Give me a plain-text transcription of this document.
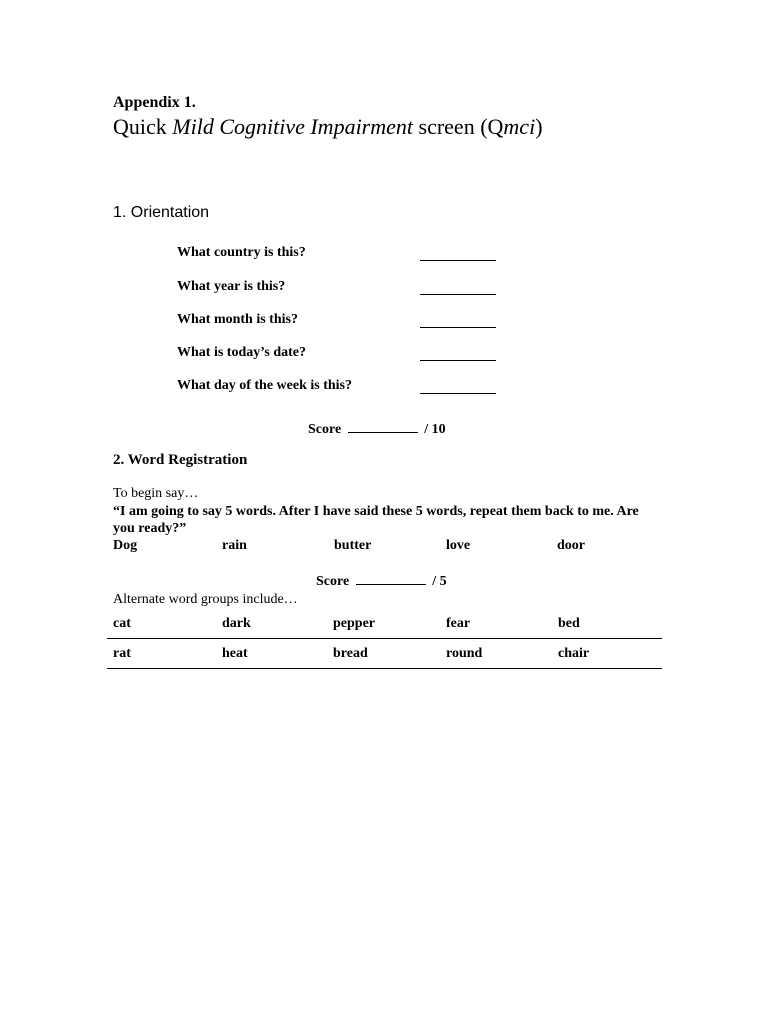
Appendix 1.
Quick Mild Cognitive Impairment screen (Qmci)
1. Orientation
What country is this?
What year is this?
What month is this?
What is today’s date?
What day of the week is this?
Score	/ 10
2. Word Registration
To begin say…
“I am going to say 5 words. After I have said these 5 words, repeat them back to me. Are you ready?”
Dog	rain	butter	love	door
Score	/ 5
Alternate word groups include…
cat	dark	pepper	fear	bed
rat	heat	bread	round	chair
